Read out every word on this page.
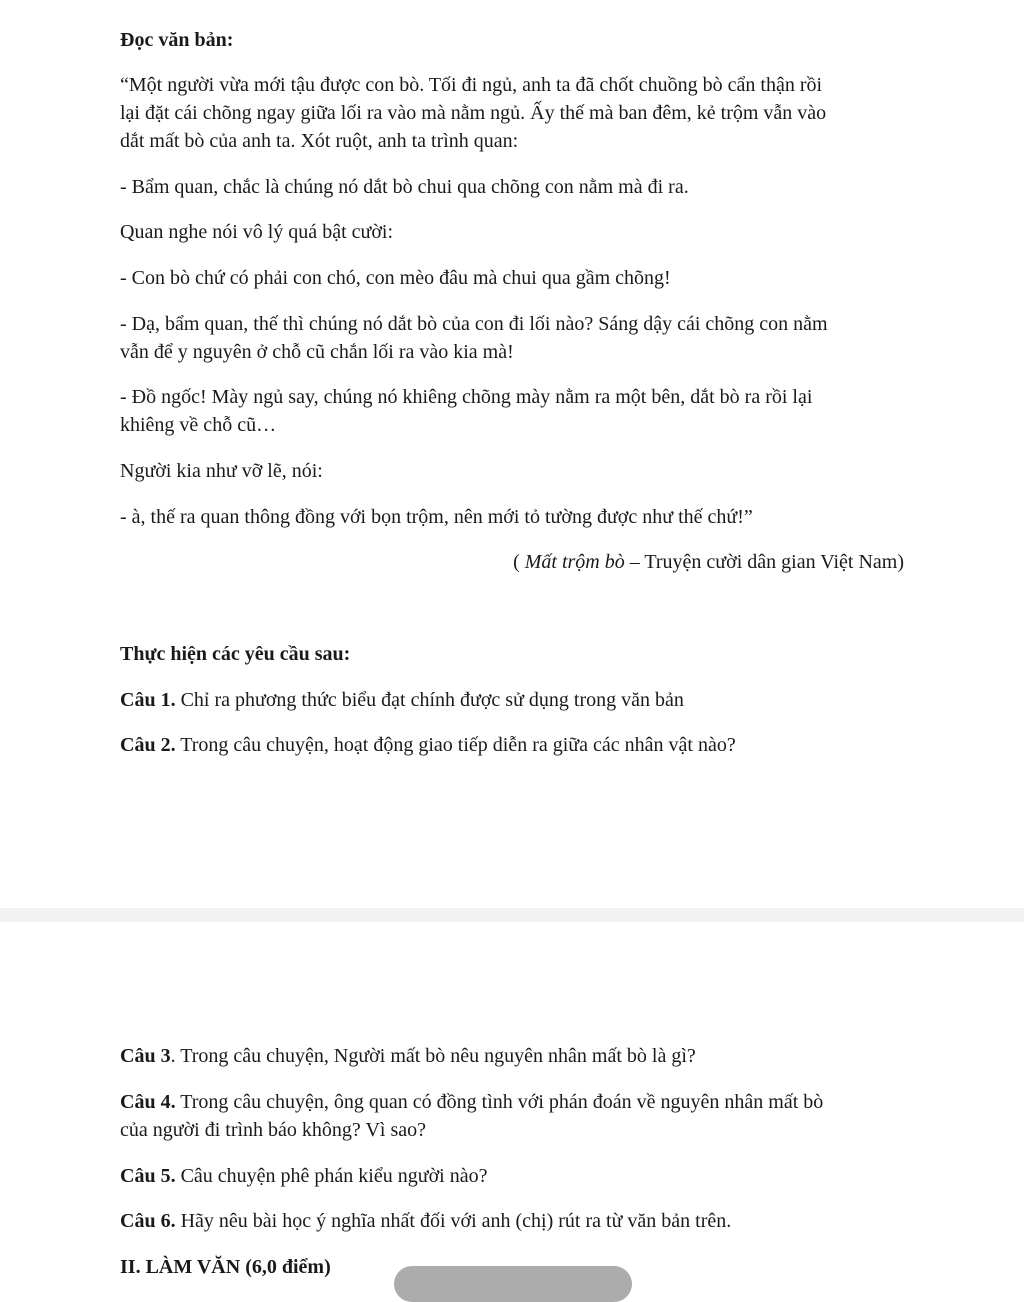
Đọc văn bản:
“Một người vừa mới tậu được con bò. Tối đi ngủ, anh ta đã chốt chuồng bò cẩn thận rồi
lại đặt cái chõng ngay giữa lối ra vào mà nằm ngủ. Ấy thế mà ban đêm, kẻ trộm vẫn vào
dắt mất bò của anh ta. Xót ruột, anh ta trình quan:
- Bẩm quan, chắc là chúng nó dắt bò chui qua chõng con nằm mà đi ra.
Quan nghe nói vô lý quá bật cười:
- Con bò chứ có phải con chó, con mèo đâu mà chui qua gầm chõng!
- Dạ, bẩm quan, thế thì chúng nó dắt bò của con đi lối nào? Sáng dậy cái chõng con nằm
vẫn để y nguyên ở chỗ cũ chắn lối ra vào kia mà!
- Đồ ngốc! Mày ngủ say, chúng nó khiêng chõng mày nằm ra một bên, dắt bò ra rồi lại
khiêng về chỗ cũ…
Người kia như vỡ lẽ, nói:
- à, thế ra quan thông đồng với bọn trộm, nên mới tỏ tường được như thế chứ!”
( Mất trộm bò – Truyện cười dân gian Việt Nam)
Thực hiện các yêu cầu sau:
Câu 1. Chỉ ra phương thức biểu đạt chính được sử dụng trong văn bản
Câu 2. Trong câu chuyện, hoạt động giao tiếp diễn ra giữa các nhân vật nào?
Câu 3. Trong câu chuyện, Người mất bò nêu nguyên nhân mất bò là gì?
Câu 4. Trong câu chuyện, ông quan có đồng tình với phán đoán về nguyên nhân mất bò
của người đi trình báo không? Vì sao?
Câu 5. Câu chuyện phê phán kiểu người nào?
Câu 6. Hãy nêu bài học ý nghĩa nhất đối với anh (chị) rút ra từ văn bản trên.
II. LÀM VĂN (6,0 điểm)
